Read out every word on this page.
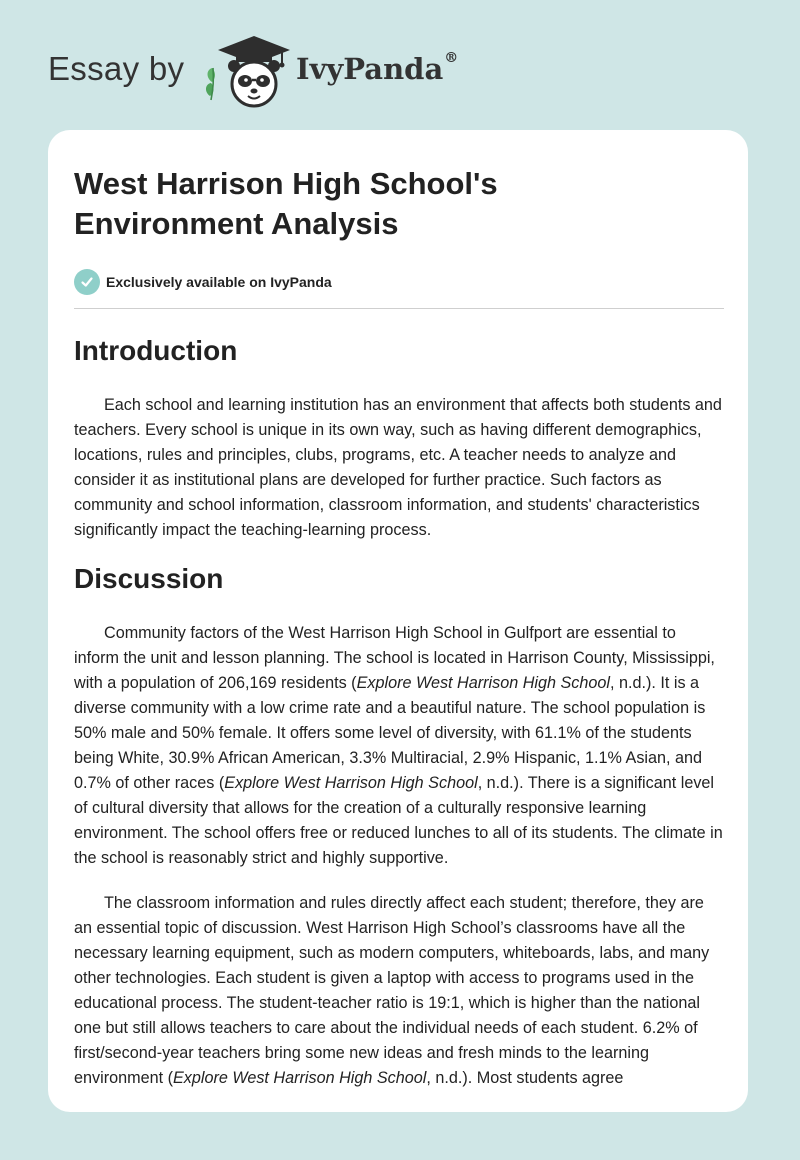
Essay by	IvyPanda®
West Harrison High School's
Environment Analysis
Exclusively available on IvyPanda
Introduction

Each school and learning institution has an environment that affects both students and teachers. Every school is unique in its own way, such as having different demographics, locations, rules and principles, clubs, programs, etc. A teacher needs to analyze and consider it as institutional plans are developed for further practice. Such factors as community and school information, classroom information, and students' characteristics significantly impact the teaching-learning process.

Discussion

Community factors of the West Harrison High School in Gulfport are essential to inform the unit and lesson planning. The school is located in Harrison County, Mississippi, with a population of 206,169 residents (Explore West Harrison High School, n.d.). It is a diverse community with a low crime rate and a beautiful nature. The school population is 50% male and 50% female. It offers some level of diversity, with 61.1% of the students being White, 30.9% African American, 3.3% Multiracial, 2.9% Hispanic, 1.1% Asian, and 0.7% of other races (Explore West Harrison High School, n.d.). There is a significant level of cultural diversity that allows for the creation of a culturally responsive learning environment. The school offers free or reduced lunches to all of its students. The climate in the school is reasonably strict and highly supportive.

The classroom information and rules directly affect each student; therefore, they are an essential topic of discussion. West Harrison High School’s classrooms have all the necessary learning equipment, such as modern computers, whiteboards, labs, and many other technologies. Each student is given a laptop with access to programs used in the educational process. The student-teacher ratio is 19:1, which is higher than the national one but still allows teachers to care about the individual needs of each student. 6.2% of first/second-year teachers bring some new ideas and fresh minds to the learning environment (Explore West Harrison High School, n.d.). Most students agree
